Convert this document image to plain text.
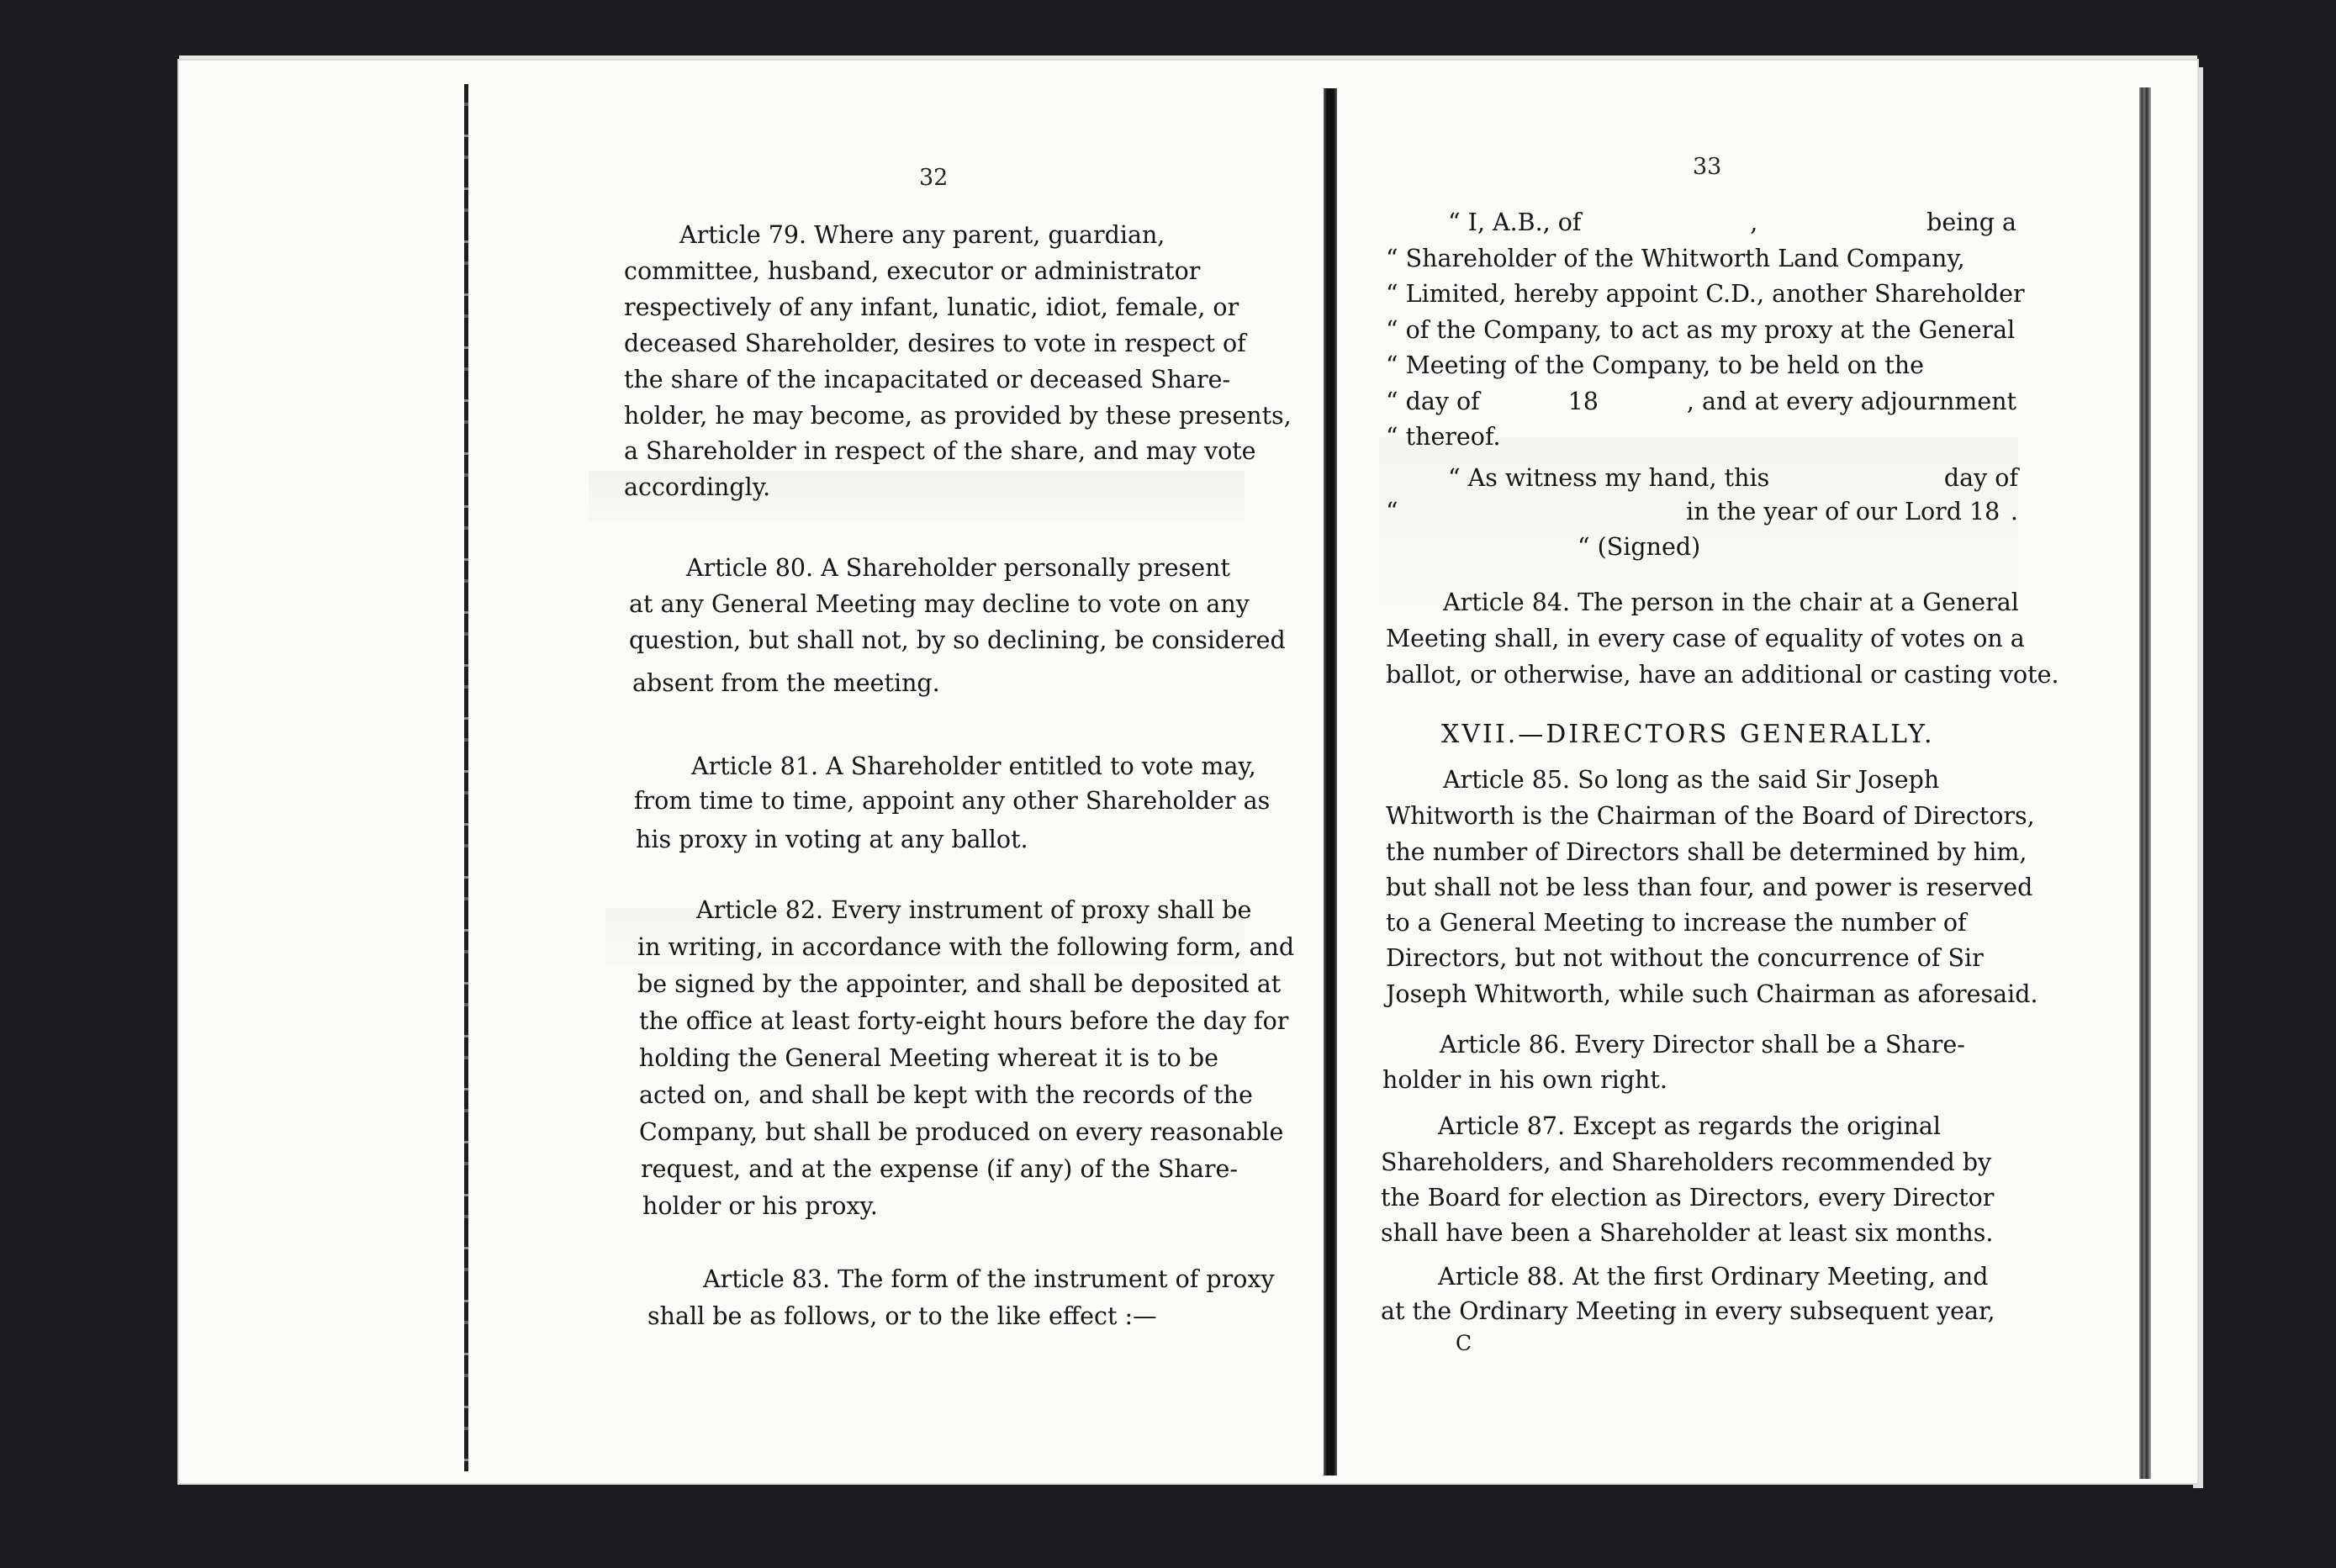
32
Article 79. Where any parent, guardian,
committee, husband, executor or administrator
respectively of any infant, lunatic, idiot, female, or
deceased Shareholder, desires to vote in respect of
the share of the incapacitated or deceased Share-
holder, he may become, as provided by these presents,
a Shareholder in respect of the share, and may vote
accordingly.
Article 80. A Shareholder personally present
at any General Meeting may decline to vote on any
question, but shall not, by so declining, be considered
absent from the meeting.
Article 81. A Shareholder entitled to vote may,
from time to time, appoint any other Shareholder as
his proxy in voting at any ballot.
Article 82. Every instrument of proxy shall be
in writing, in accordance with the following form, and
be signed by the appointer, and shall be deposited at
the office at least forty-eight hours before the day for
holding the General Meeting whereat it is to be
acted on, and shall be kept with the records of the
Company, but shall be produced on every reasonable
request, and at the expense (if any) of the Share-
holder or his proxy.
Article 83. The form of the instrument of proxy
shall be as follows, or to the like effect :—
33
“ I, A.B., of	,	being a
“ Shareholder of the Whitworth Land Company,
“ Limited, hereby appoint C.D., another Shareholder
“ of the Company, to act as my proxy at the General
“ Meeting of the Company, to be held on the
“ day of	18	, and at every adjournment
“ thereof.
“ As witness my hand, this	day of
“	in the year of our Lord 18 .
“ (Signed)
Article 84. The person in the chair at a General
Meeting shall, in every case of equality of votes on a
ballot, or otherwise, have an additional or casting vote.
XVII.—DIRECTORS GENERALLY.
Article 85. So long as the said Sir Joseph
Whitworth is the Chairman of the Board of Directors,
the number of Directors shall be determined by him,
but shall not be less than four, and power is reserved
to a General Meeting to increase the number of
Directors, but not without the concurrence of Sir
Joseph Whitworth, while such Chairman as aforesaid.
Article 86. Every Director shall be a Share-
holder in his own right.
Article 87. Except as regards the original
Shareholders, and Shareholders recommended by
the Board for election as Directors, every Director
shall have been a Shareholder at least six months.
Article 88. At the first Ordinary Meeting, and
at the Ordinary Meeting in every subsequent year,
C
